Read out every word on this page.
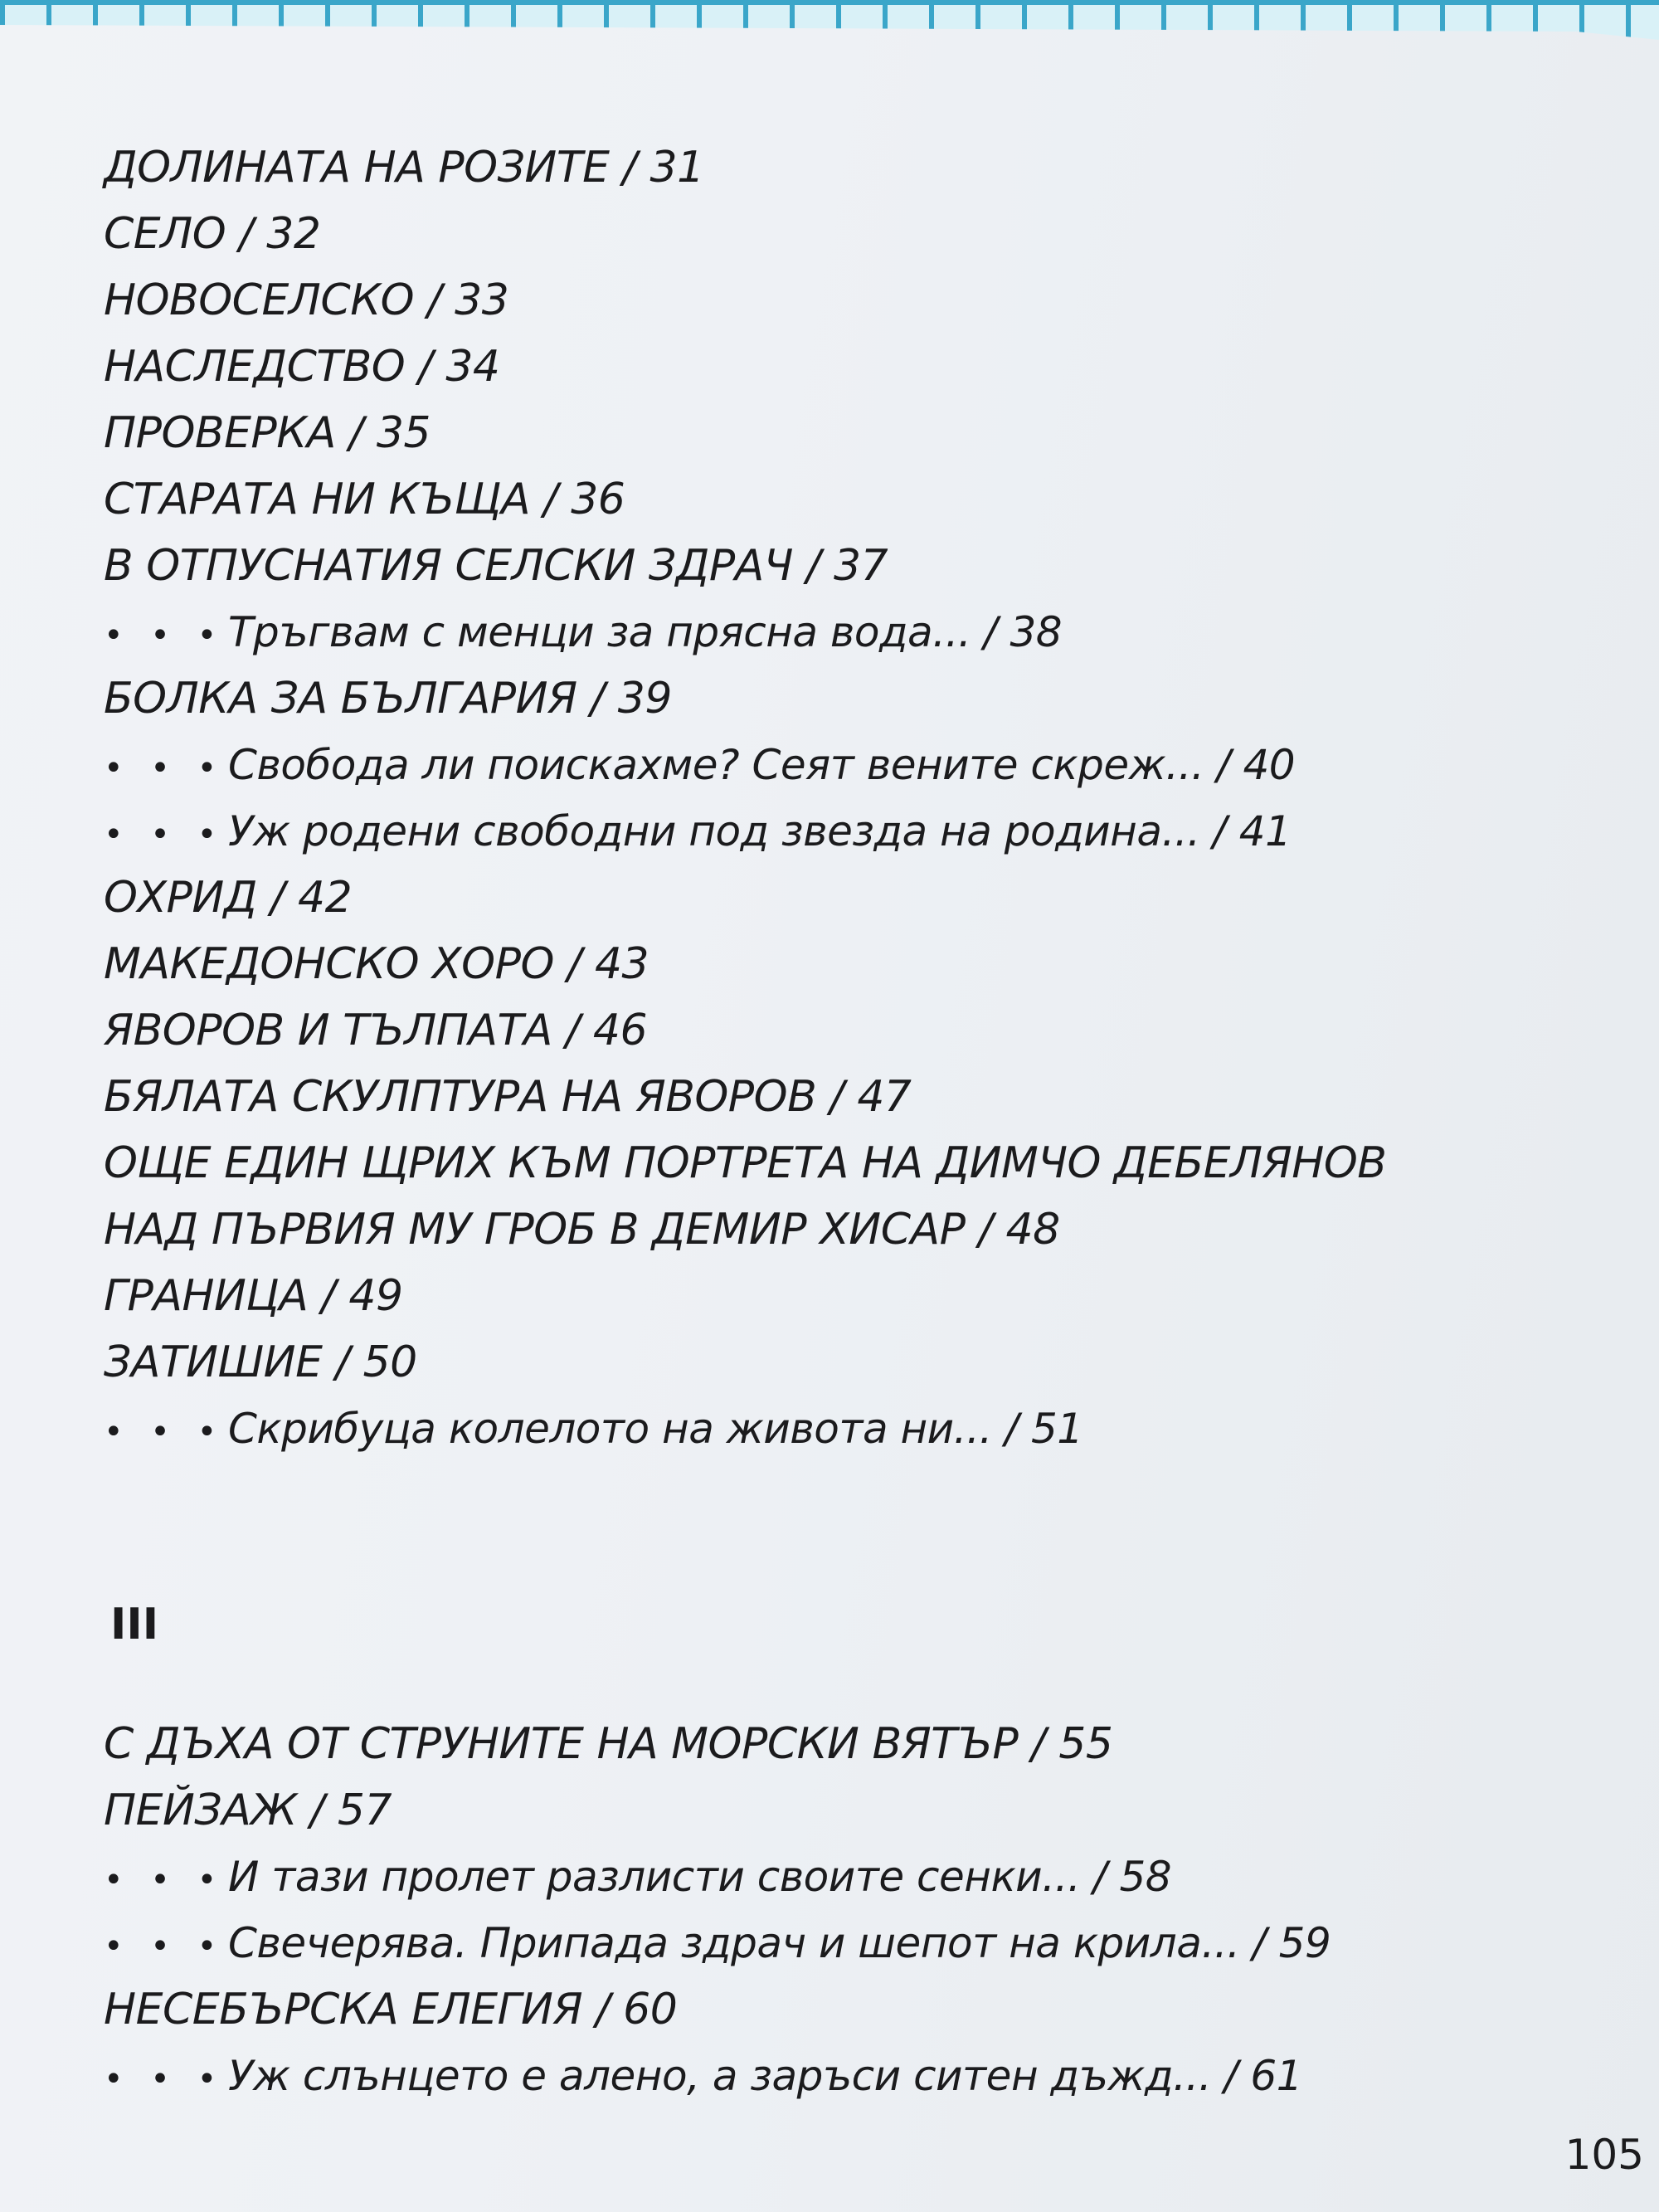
ДОЛИНАТА НА РОЗИТЕ / 31
СЕЛО / 32
НОВОСЕЛСКО / 33
НАСЛЕДСТВО / 34
ПРОВЕРКА / 35
СТАРАТА НИ КЪЩА / 36
В ОТПУСНАТИЯ СЕЛСКИ ЗДРАЧ / 37
• • •Тръгвам с менци за прясна вода... / 38
БОЛКА ЗА БЪЛГАРИЯ / 39
• • •Свобода ли поискахме? Сеят вените скреж... / 40
• • •Уж родени свободни под звезда на родина... / 41
ОХРИД / 42
МАКЕДОНСКО ХОРО / 43
ЯВОРОВ И ТЪЛПАТА / 46
БЯЛАТА СКУЛПТУРА НА ЯВОРОВ / 47
ОЩЕ ЕДИН ЩРИХ КЪМ ПОРТРЕТА НА ДИМЧО ДЕБЕЛЯНОВ
НАД ПЪРВИЯ МУ ГРОБ В ДЕМИР ХИСАР / 48
ГРАНИЦА / 49
ЗАТИШИЕ / 50
• • •Скрибуца колелото на живота ни... / 51
С ДЪХА ОТ СТРУНИТЕ НА МОРСКИ ВЯТЪР / 55
ПЕЙЗАЖ / 57
• • •И тази пролет разлисти своите сенки... / 58
• • •Свечерява. Припада здрач и шепот на крила... / 59
НЕСЕБЪРСКА ЕЛЕГИЯ / 60
• • •Уж слънцето е алено, а заръси ситен дъжд... / 61
III
105
